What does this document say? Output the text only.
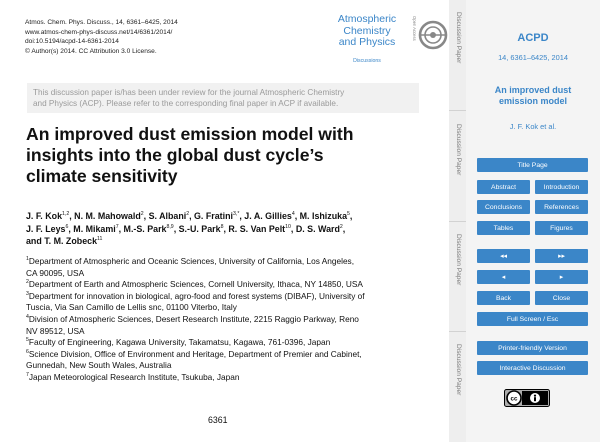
Atmos. Chem. Phys. Discuss., 14, 6361–6425, 2014
www.atmos-chem-phys-discuss.net/14/6361/2014/
doi:10.5194/acpd-14-6361-2014
© Author(s) 2014. CC Attribution 3.0 License.
Atmospheric
Chemistry
and Physics
Discussions
Open Access
This discussion paper is/has been under review for the journal Atmospheric Chemistry
and Physics (ACP). Please refer to the corresponding final paper in ACP if available.
An improved dust emission model with
insights into the global dust cycle’s
climate sensitivity
J. F. Kok$^{1,2}$, N. M. Mahowald$^2$, S. Albani$^2$, G. Fratini$^{3,*}$, J. A. Gillies$^4$, M. Ishizuka$^5$,
J. F. Leys$^6$, M. Mikami$^7$, M.-S. Park$^{8,9}$, S.-U. Park$^8$, R. S. Van Pelt$^{10}$, D. S. Ward$^2$,
and T. M. Zobeck$^{11}$
$^1$Department of Atmospheric and Oceanic Sciences, University of California, Los Angeles,
CA 90095, USA
$^2$Department of Earth and Atmospheric Sciences, Cornell University, Ithaca, NY 14850, USA
$^3$Department for innovation in biological, agro-food and forest systems (DIBAF), University of
Tuscia, Via San Camillo de Lellis snc, 01100 Viterbo, Italy
$^4$Division of Atmospheric Sciences, Desert Research Institute, 2215 Raggio Parkway, Reno
NV 89512, USA
$^5$Faculty of Engineering, Kagawa University, Takamatsu, Kagawa, 761-0396, Japan
$^6$Science Division, Office of Environment and Heritage, Department of Premier and Cabinet,
Gunnedah, New South Wales, Australia
$^7$Japan Meteorological Research Institute, Tsukuba, Japan
6361
Discussion Paper
Discussion Paper
Discussion Paper
Discussion Paper
ACPD
14, 6361–6425, 2014
An improved dust
emission model
J. F. Kok et al.
Title Page
Abstract	Introduction
Conclusions	References
Tables	Figures
◂◂	▸▸
◂	▸
Back	Close
Full Screen / Esc
Printer-friendly Version
Interactive Discussion
cc
